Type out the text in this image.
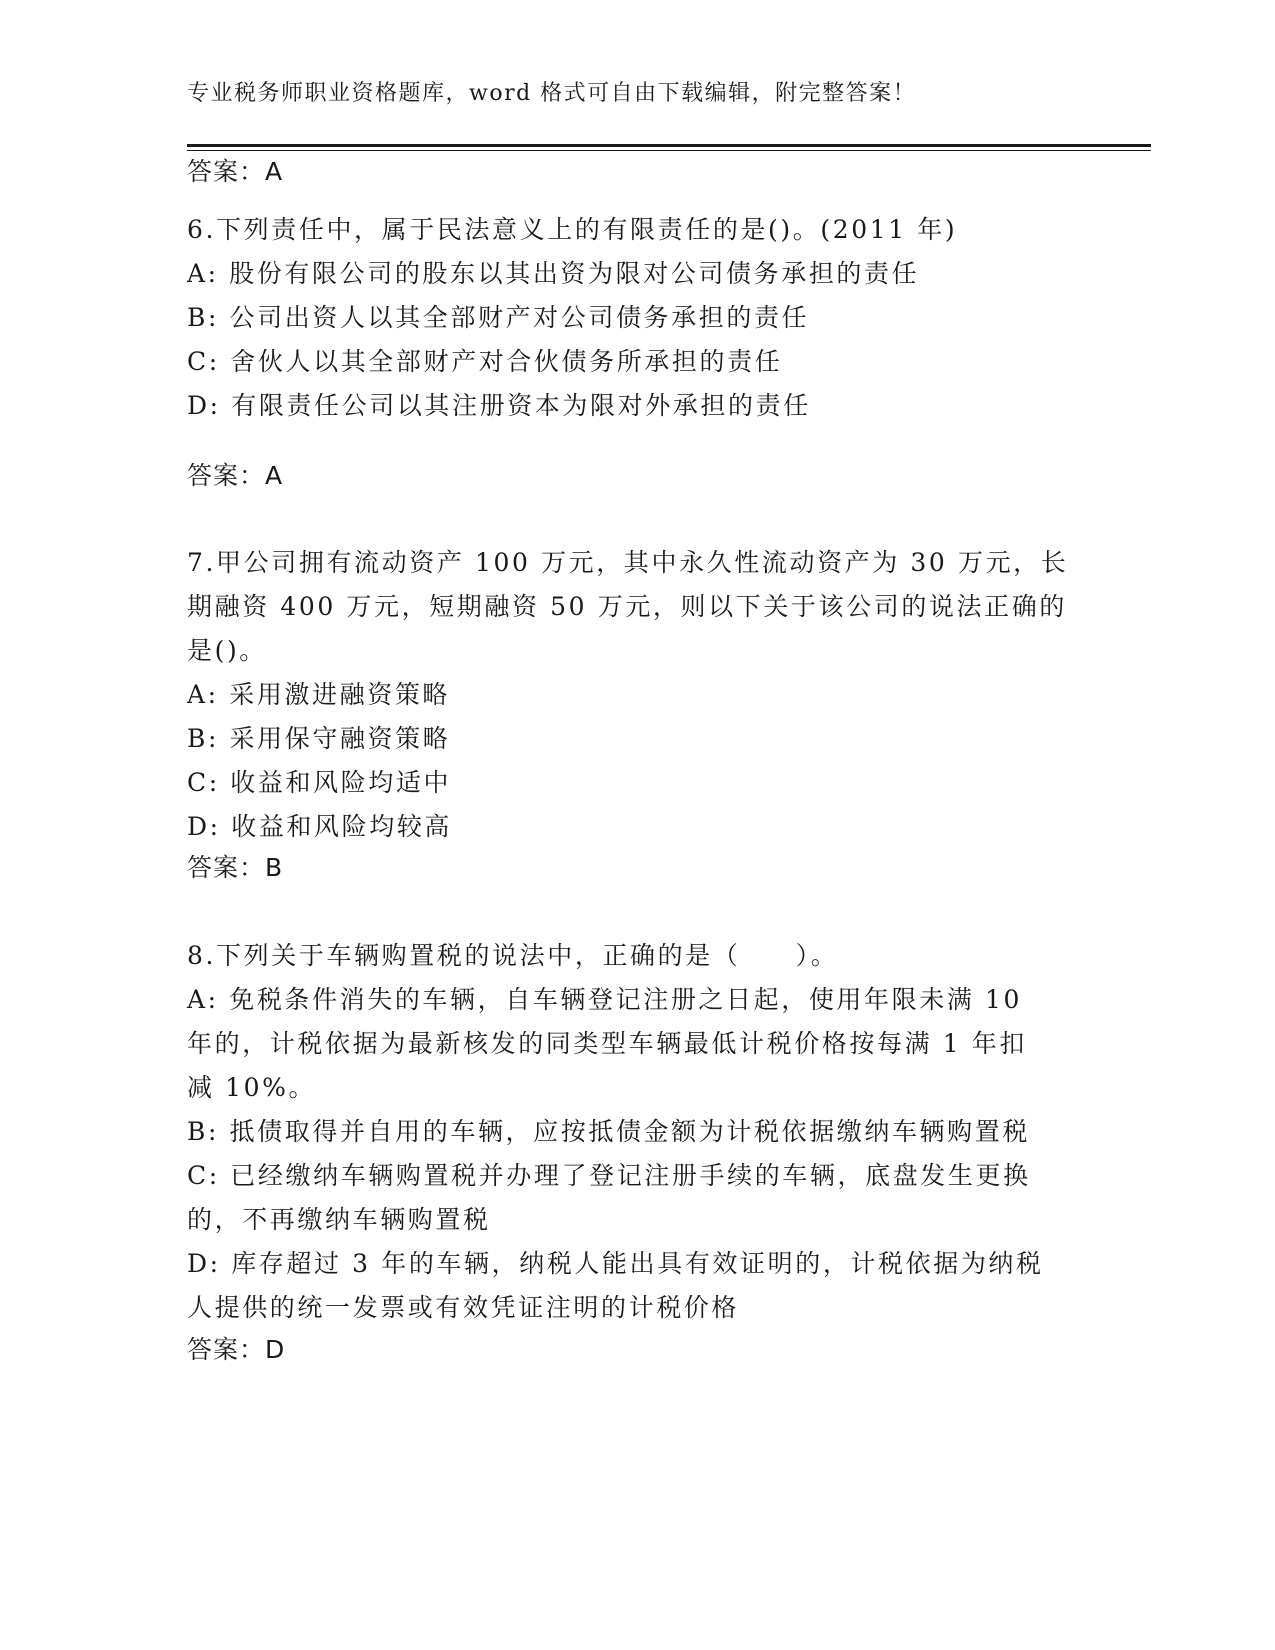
专业税务师职业资格题库，word 格式可自由下载编辑，附完整答案！
答案：A
6.下列责任中，属于民法意义上的有限责任的是()。(2011 年)
A: 股份有限公司的股东以其出资为限对公司债务承担的责任
B: 公司出资人以其全部财产对公司债务承担的责任
C: 舍伙人以其全部财产对合伙债务所承担的责任
D: 有限责任公司以其注册资本为限对外承担的责任
答案：A
7.甲公司拥有流动资产 100 万元，其中永久性流动资产为 30 万元，长
期融资 400 万元，短期融资 50 万元，则以下关于该公司的说法正确的
是()。
A: 采用激进融资策略
B: 采用保守融资策略
C: 收益和风险均适中
D: 收益和风险均较高
答案：B
8.下列关于车辆购置税的说法中，正确的是（　　）。
A: 免税条件消失的车辆，自车辆登记注册之日起，使用年限未满 10
年的，计税依据为最新核发的同类型车辆最低计税价格按每满 1 年扣
减 10%。
B: 抵债取得并自用的车辆，应按抵债金额为计税依据缴纳车辆购置税
C: 已经缴纳车辆购置税并办理了登记注册手续的车辆，底盘发生更换
的，不再缴纳车辆购置税
D: 库存超过 3 年的车辆，纳税人能出具有效证明的，计税依据为纳税
人提供的统一发票或有效凭证注明的计税价格
答案：D
